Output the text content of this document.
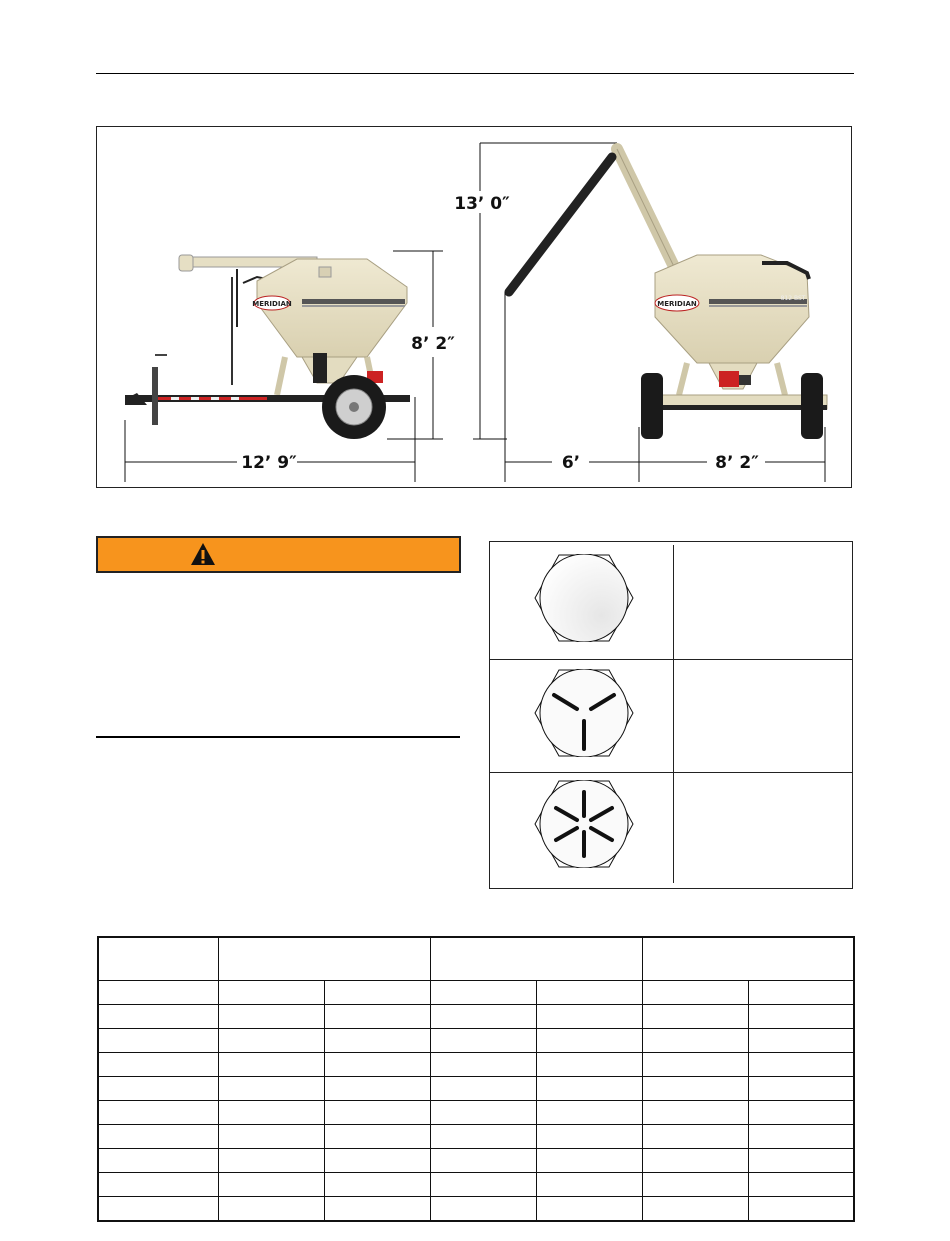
MERIDIAN
12’ 9″
8’ 2″
13’ 0″
MERIDIAN
812 BST
6’	8’ 2″
